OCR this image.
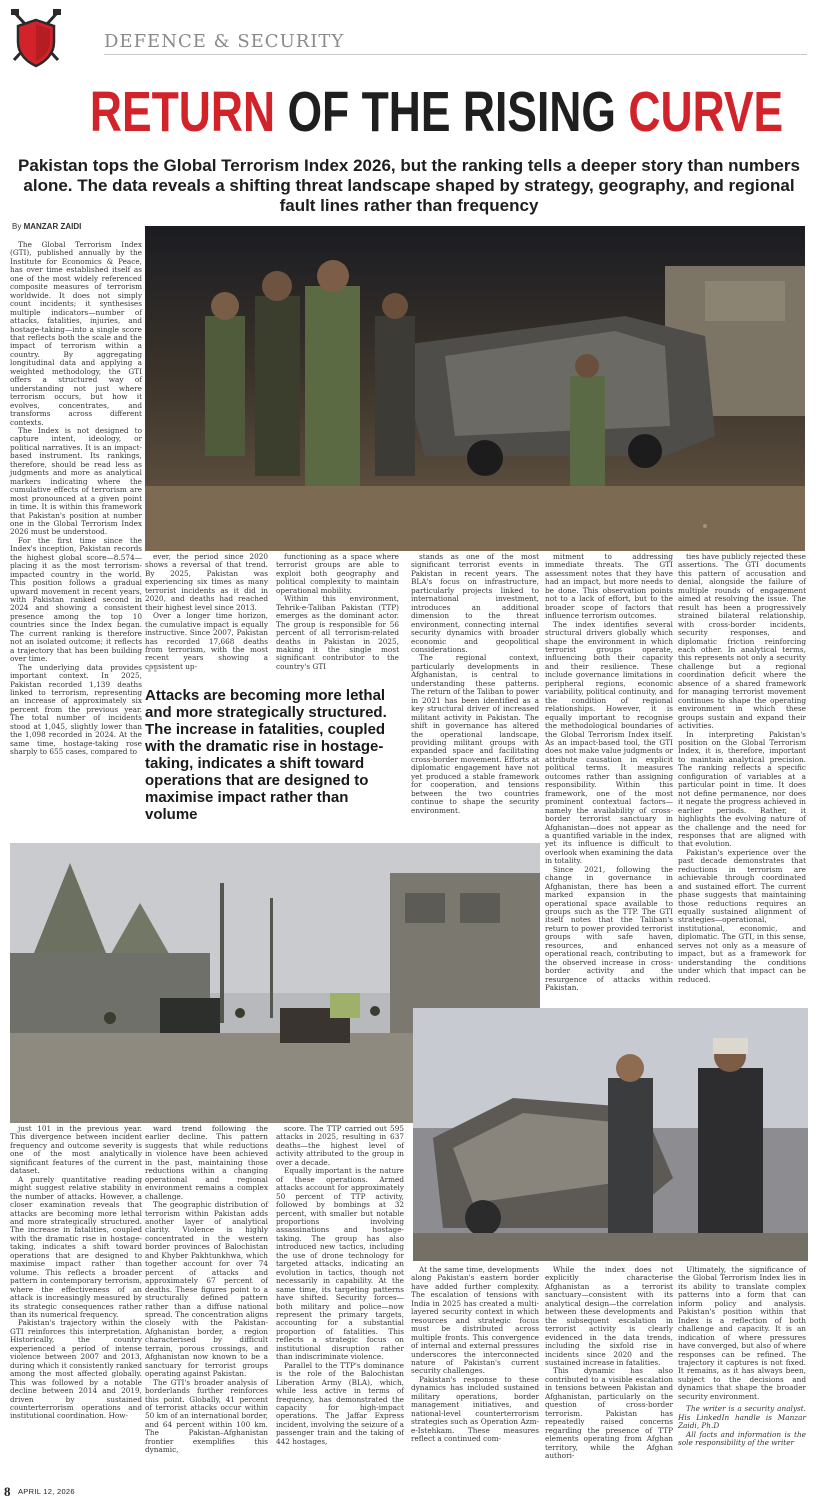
DEFENCE & SECURITY
RETURN OF THE RISING CURVE
Pakistan tops the Global Terrorism Index 2026, but the ranking tells a deeper story than numbers alone. The data reveals a shifting threat landscape shaped by strategy, geography, and regional fault lines rather than frequency
By MANZAR ZAIDI

The Global Terrorism Index (GTI), published annually by the Institute for Economics & Peace, has over time established itself as one of the most widely referenced composite measures of terrorism worldwide. It does not simply count incidents; it synthesises multiple indicators—number of attacks, fatalities, injuries, and hostage-taking—into a single score that reflects both the scale and the impact of terrorism within a country. By aggregating longitudinal data and applying a weighted methodology, the GTI offers a structured way of understanding not just where terrorism occurs, but how it evolves, concentrates, and transforms across different contexts.

The Index is not designed to capture intent, ideology, or political narratives. It is an impact-based instrument. Its rankings, therefore, should be read less as judgments and more as analytical markers indicating where the cumulative effects of terrorism are most pronounced at a given point in time. It is within this framework that Pakistan's position at number one in the Global Terrorism Index 2026 must be understood.

For the first time since the Index's inception, Pakistan records the highest global score—8.574—placing it as the most terrorism-impacted country in the world. This position follows a gradual upward movement in recent years, with Pakistan ranked second in 2024 and showing a consistent presence among the top 10 countries since the Index began. The current ranking is therefore not an isolated outcome; it reflects a trajectory that has been building over time.

The underlying data provides important context. In 2025, Pakistan recorded 1,139 deaths linked to terrorism, representing an increase of approximately six percent from the previous year. The total number of incidents stood at 1,045, slightly lower than the 1,098 recorded in 2024. At the same time, hostage-taking rose sharply to 655 cases, compared to

ever, the period since 2020 shows a reversal of that trend. By 2025, Pakistan was experiencing six times as many terrorist incidents as it did in 2020, and deaths had reached their highest level since 2013.

Over a longer time horizon, the cumulative impact is equally instructive. Since 2007, Pakistan has recorded 17,668 deaths from terrorism, with the most recent years showing a consistent up-

functioning as a space where terrorist groups are able to exploit both geography and political complexity to maintain operational mobility.

Within this environment, Tehrik-e-Taliban Pakistan (TTP) emerges as the dominant actor. The group is responsible for 56 percent of all terrorism-related deaths in Pakistan in 2025, making it the single most significant contributor to the country's GTI

“
Attacks are becoming more lethal and more strategically structured. The increase in fatalities, coupled with the dramatic rise in hostage-taking, indicates a shift toward operations that are designed to maximise impact rather than volume

stands as one of the most significant terrorist events in Pakistan in recent years. The BLA's focus on infrastructure, particularly projects linked to international investment, introduces an additional dimension to the threat environment, connecting internal security dynamics with broader economic and geopolitical considerations.

The regional context, particularly developments in Afghanistan, is central to understanding these patterns. The return of the Taliban to power in 2021 has been identified as a key structural driver of increased militant activity in Pakistan. The shift in governance has altered the operational landscape, providing militant groups with expanded space and facilitating cross-border movement. Efforts at diplomatic engagement have not yet produced a stable framework for cooperation, and tensions between the two countries continue to shape the security environment.

mitment to addressing immediate threats. The GTI assessment notes that they have had an impact, but more needs to be done. This observation points not to a lack of effort, but to the broader scope of factors that influence terrorism outcomes.

The index identifies several structural drivers globally which shape the environment in which terrorist groups operate, influencing both their capacity and their resilience. These include governance limitations in peripheral regions, economic variability, political continuity, and the condition of regional relationships. However, it is equally important to recognise the methodological boundaries of the Global Terrorism Index itself. As an impact-based tool, the GTI does not make value judgments or attribute causation in explicit political terms. It measures outcomes rather than assigning responsibility. Within this framework, one of the most prominent contextual factors—namely the availability of cross-border terrorist sanctuary in Afghanistan—does not appear as a quantified variable in the index, yet its influence is difficult to overlook when examining the data in totality.

Since 2021, following the change in governance in Afghanistan, there has been a marked expansion in the operational space available to groups such as the TTP. The GTI itself notes that the Taliban's return to power provided terrorist groups with safe haven, resources, and enhanced operational reach, contributing to the observed increase in cross-border activity and the resurgence of attacks within Pakistan.

ties have publicly rejected these assertions. The GTI documents this pattern of accusation and denial, alongside the failure of multiple rounds of engagement aimed at resolving the issue. The result has been a progressively strained bilateral relationship, with cross-border incidents, security responses, and diplomatic friction reinforcing each other. In analytical terms, this represents not only a security challenge but a regional coordination deficit where the absence of a shared framework for managing terrorist movement continues to shape the operating environment in which these groups sustain and expand their activities.

In interpreting Pakistan's position on the Global Terrorism Index, it is, therefore, important to maintain analytical precision. The ranking reflects a specific configuration of variables at a particular point in time. It does not define permanence, nor does it negate the progress achieved in earlier periods. Rather, it highlights the evolving nature of the challenge and the need for responses that are aligned with that evolution.

Pakistan's experience over the past decade demonstrates that reductions in terrorism are achievable through coordinated and sustained effort. The current phase suggests that maintaining those reductions requires an equally sustained alignment of strategies—operational, institutional, economic, and diplomatic. The GTI, in this sense, serves not only as a measure of impact, but as a framework for understanding the conditions under which that impact can be reduced.

just 101 in the previous year. This divergence between incident frequency and outcome severity is one of the most analytically significant features of the current dataset.

A purely quantitative reading might suggest relative stability in the number of attacks. However, a closer examination reveals that attacks are becoming more lethal and more strategically structured. The increase in fatalities, coupled with the dramatic rise in hostage-taking, indicates a shift toward operations that are designed to maximise impact rather than volume. This reflects a broader pattern in contemporary terrorism, where the effectiveness of an attack is increasingly measured by its strategic consequences rather than its numerical frequency.

Pakistan's trajectory within the GTI reinforces this interpretation. Historically, the country experienced a period of intense violence between 2007 and 2013, during which it consistently ranked among the most affected globally. This was followed by a notable decline between 2014 and 2019, driven by sustained counterterrorism operations and institutional coordination. How-

ward trend following the earlier decline. This pattern suggests that while reductions in violence have been achieved in the past, maintaining those reductions within a changing operational and regional environment remains a complex challenge.

The geographic distribution of terrorism within Pakistan adds another layer of analytical clarity. Violence is highly concentrated in the western border provinces of Balochistan and Khyber Pakhtunkhwa, which together account for over 74 percent of attacks and approximately 67 percent of deaths. These figures point to a structurally defined pattern rather than a diffuse national spread. The concentration aligns closely with the Pakistan-Afghanistan border, a region characterised by difficult terrain, porous crossings, and Afghanistan now known to be a sanctuary for terrorist groups operating against Pakistan.

The GTI's broader analysis of borderlands further reinforces this point. Globally, 41 percent of terrorist attacks occur within 50 km of an international border, and 64 percent within 100 km. The Pakistan–Afghanistan frontier exemplifies this dynamic,

score. The TTP carried out 595 attacks in 2025, resulting in 637 deaths—the highest level of activity attributed to the group in over a decade.

Equally important is the nature of these operations. Armed attacks account for approximately 50 percent of TTP activity, followed by bombings at 32 percent, with smaller but notable proportions involving assassinations and hostage-taking. The group has also introduced new tactics, including the use of drone technology for targeted attacks, indicating an evolution in tactics, though not necessarily in capability. At the same time, its targeting patterns have shifted. Security forces—both military and police—now represent the primary targets, accounting for a substantial proportion of fatalities. This reflects a strategic focus on institutional disruption rather than indiscriminate violence.

Parallel to the TTP's dominance is the role of the Balochistan Liberation Army (BLA), which, while less active in terms of frequency, has demonstrated the capacity for high-impact operations. The Jaffar Express incident, involving the seizure of a passenger train and the taking of 442 hostages,

At the same time, developments along Pakistan's eastern border have added further complexity. The escalation of tensions with India in 2025 has created a multi-layered security context in which resources and strategic focus must be distributed across multiple fronts. This convergence of internal and external pressures underscores the interconnected nature of Pakistan's current security challenges.

Pakistan's response to these dynamics has included sustained military operations, border management initiatives, and national-level counterterrorism strategies such as Operation Azm-e-Istehkam. These measures reflect a continued com-

While the index does not explicitly characterise Afghanistan as a terrorist sanctuary—consistent with its analytical design—the correlation between these developments and the subsequent escalation in terrorist activity is clearly evidenced in the data trends, including the sixfold rise in incidents since 2020 and the sustained increase in fatalities.

This dynamic has also contributed to a visible escalation in tensions between Pakistan and Afghanistan, particularly on the question of cross-border terrorism. Pakistan has repeatedly raised concerns regarding the presence of TTP elements operating from Afghan territory, while the Afghan authori-

Ultimately, the significance of the Global Terrorism Index lies in its ability to translate complex patterns into a form that can inform policy and analysis. Pakistan's position within that Index is a reflection of both challenge and capacity. It is an indication of where pressures have converged, but also of where responses can be refined. The trajectory it captures is not fixed. It remains, as it has always been, subject to the decisions and dynamics that shape the broader security environment.

The writer is a security analyst. His LinkedIn handle is Manzar Zaidi, Ph.D

All facts and information is the sole responsibility of the writer

8 APRIL 12, 2026
